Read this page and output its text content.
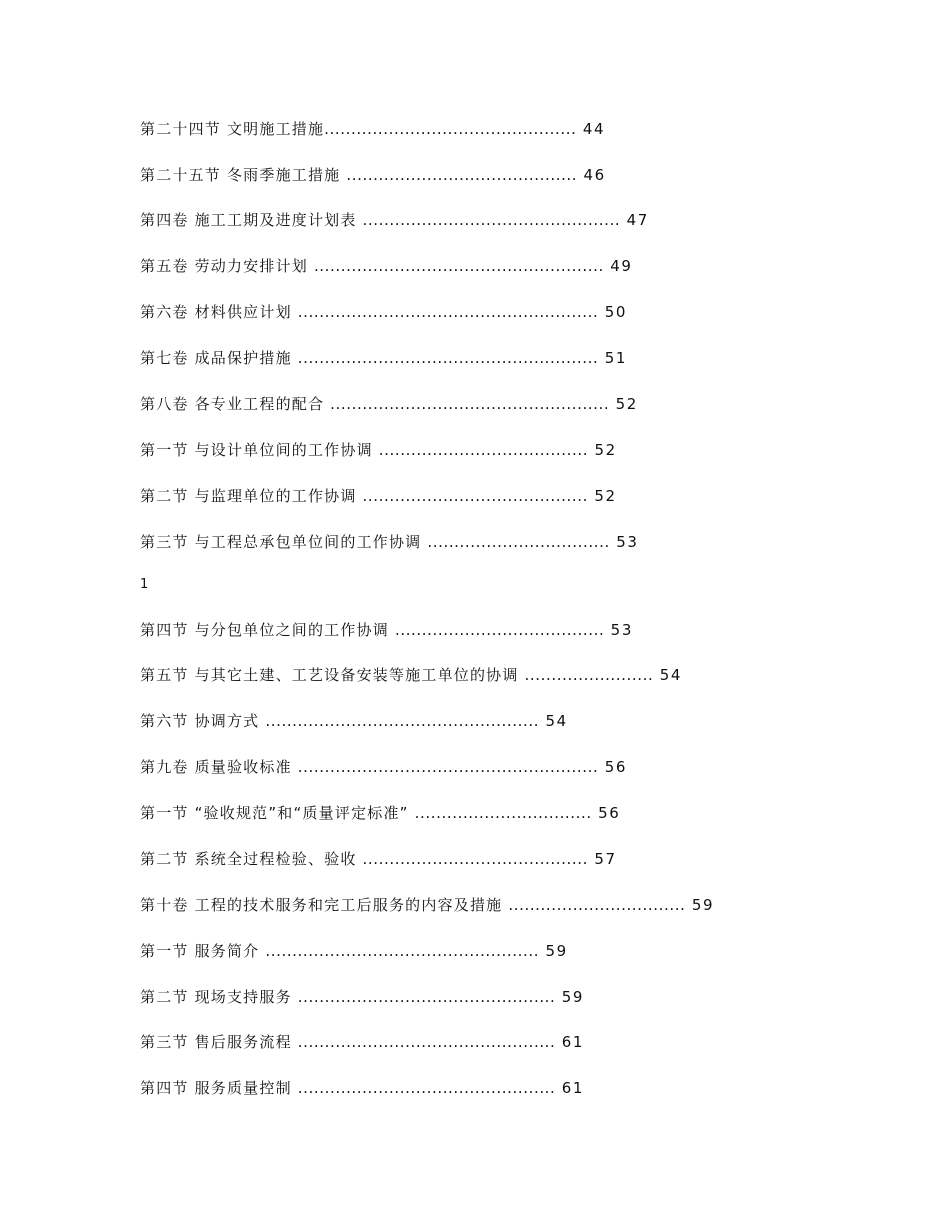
第二十四节 文明施工措施............................................... 44
第二十五节 冬雨季施工措施 ........................................... 46
第四卷 施工工期及进度计划表 ................................................ 47
第五卷 劳动力安排计划 ...................................................... 49
第六卷 材料供应计划 ........................................................ 50
第七卷 成品保护措施 ........................................................ 51
第八卷 各专业工程的配合 .................................................... 52
第一节 与设计单位间的工作协调 ....................................... 52
第二节 与监理单位的工作协调 .......................................... 52
第三节 与工程总承包单位间的工作协调 .................................. 53
1
第四节 与分包单位之间的工作协调 ....................................... 53
第五节 与其它土建、工艺设备安装等施工单位的协调 ........................ 54
第六节 协调方式 ................................................... 54
第九卷 质量验收标准 ........................................................ 56
第一节 “验收规范”和“质量评定标准” ................................. 56
第二节 系统全过程检验、验收 .......................................... 57
第十卷 工程的技术服务和完工后服务的内容及措施 ................................. 59
第一节 服务简介 ................................................... 59
第二节 现场支持服务 ................................................ 59
第三节 售后服务流程 ................................................ 61
第四节 服务质量控制 ................................................ 61
